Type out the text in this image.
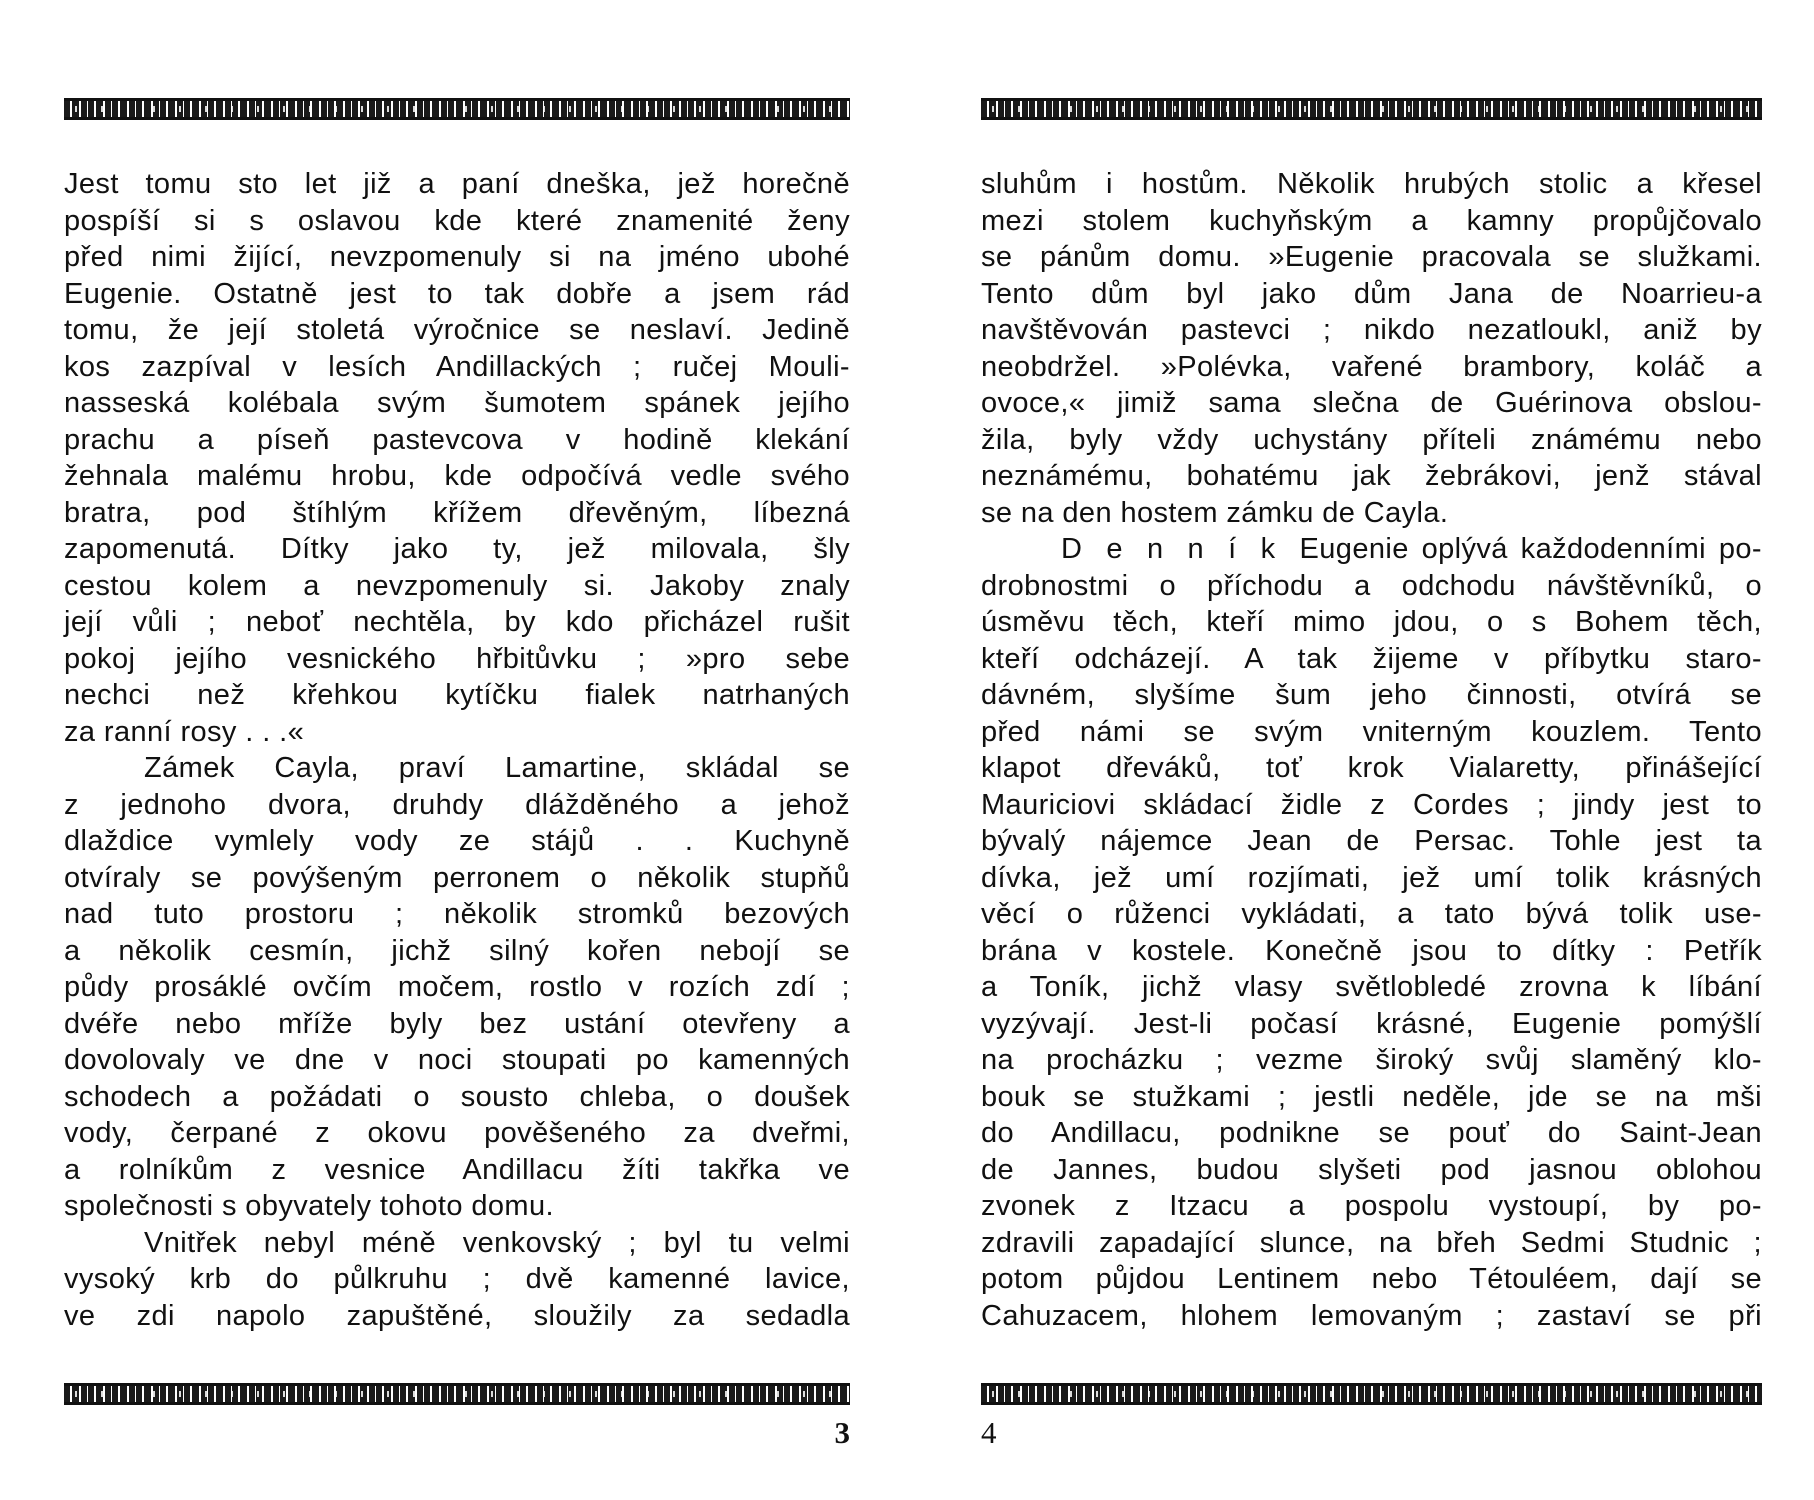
Jest tomu sto let již a paní dneška, jež horečně
pospíší si s oslavou kde které znamenité ženy
před nimi žijící, nevzpomenuly si na jméno ubohé
Eugenie. Ostatně jest to tak dobře a jsem rád
tomu, že její stoletá výročnice se neslaví. Jedině
kos zazpíval v lesích Andillackých ; ručej Mouli-
nasseská kolébala svým šumotem spánek jejího
prachu a píseň pastevcova v hodině klekání
žehnala malému hrobu, kde odpočívá vedle svého
bratra, pod štíhlým křížem dřevěným, líbezná
zapomenutá. Dítky jako ty, jež milovala, šly
cestou kolem a nevzpomenuly si. Jakoby znaly
její vůli ; neboť nechtěla, by kdo přicházel rušit
pokoj jejího vesnického hřbitůvku ; »pro sebe
nechci než křehkou kytíčku fialek natrhaných
za ranní rosy . . .«
Zámek Cayla, praví Lamartine, skládal se
z jednoho dvora, druhdy dlážděného a jehož
dlaždice vymlely vody ze stájů . . Kuchyně
otvíraly se povýšeným perronem o několik stupňů
nad tuto prostoru ; několik stromků bezových
a několik cesmín, jichž silný kořen nebojí se
půdy prosáklé ovčím močem, rostlo v rozích zdí ;
dvéře nebo mříže byly bez ustání otevřeny a
dovolovaly ve dne v noci stoupati po kamenných
schodech a požádati o sousto chleba, o doušek
vody, čerpané z okovu pověšeného za dveřmi,
a rolníkům z vesnice Andillacu žíti takřka ve
společnosti s obyvately tohoto domu.
Vnitřek nebyl méně venkovský ; byl tu velmi
vysoký krb do půlkruhu ; dvě kamenné lavice,
ve zdi napolo zapuštěné, sloužily za sedadla
3
sluhům i hostům. Několik hrubých stolic a křesel
mezi stolem kuchyňským a kamny propůjčovalo
se pánům domu. »Eugenie pracovala se služkami.
Tento dům byl jako dům Jana de Noarrieu-a
navštěvován pastevci ; nikdo nezatloukl, aniž by
neobdržel. »Polévka, vařené brambory, koláč a
ovoce,« jimiž sama slečna de Guérinova obslou-
žila, byly vždy uchystány příteli známému nebo
neznámému, bohatému jak žebrákovi, jenž stával
se na den hostem zámku de Cayla.
D e n n í k Eugenie oplývá každodenními po-
drobnostmi o příchodu a odchodu návštěvníků, o
úsměvu těch, kteří mimo jdou, o s Bohem těch,
kteří odcházejí. A tak žijeme v příbytku staro-
dávném, slyšíme šum jeho činnosti, otvírá se
před námi se svým vniterným kouzlem. Tento
klapot dřeváků, toť krok Vialaretty, přinášející
Mauriciovi skládací židle z Cordes ; jindy jest to
bývalý nájemce Jean de Persac. Tohle jest ta
dívka, jež umí rozjímati, jež umí tolik krásných
věcí o růženci vykládati, a tato bývá tolik use-
brána v kostele. Konečně jsou to dítky : Petřík
a Toník, jichž vlasy světlobledé zrovna k líbání
vyzývají. Jest-li počasí krásné, Eugenie pomýšlí
na procházku ; vezme široký svůj slaměný klo-
bouk se stužkami ; jestli neděle, jde se na mši
do Andillacu, podnikne se pouť do Saint-Jean
de Jannes, budou slyšeti pod jasnou oblohou
zvonek z Itzacu a pospolu vystoupí, by po-
zdravili zapadající slunce, na břeh Sedmi Studnic ;
potom půjdou Lentinem nebo Tétouléem, dají se
Cahuzacem, hlohem lemovaným ; zastaví se při
4
